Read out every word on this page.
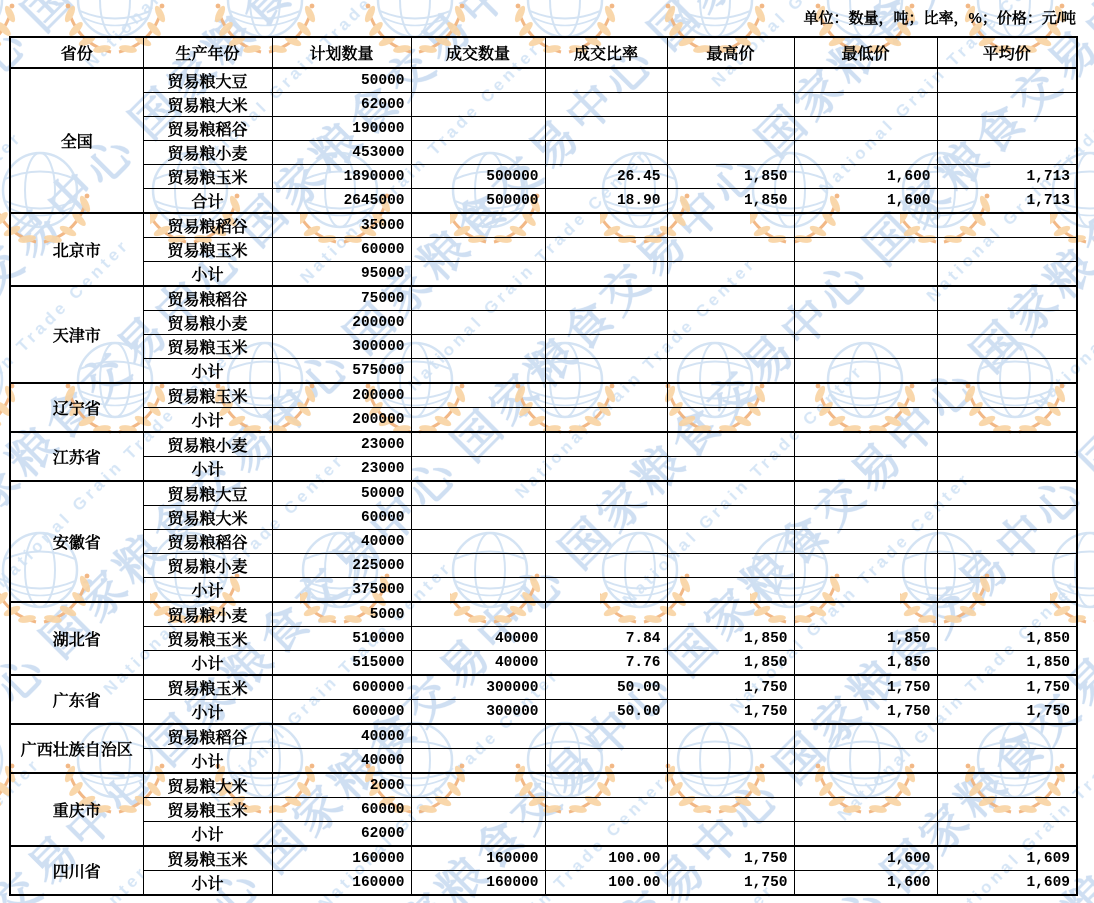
单位：数量，吨；比率，%；价格：元/吨
省份	生产年份	计划数量	成交数量	成交比率	最高价	最低价	平均价
全国	贸易粮大豆	50000					
	贸易粮大米	62000					
	贸易粮稻谷	190000					
	贸易粮小麦	453000					
	贸易粮玉米	1890000	500000	26.45	1,850	1,600	1,713
	合计	2645000	500000	18.90	1,850	1,600	1,713
北京市	贸易粮稻谷	35000					
	贸易粮玉米	60000					
	小计	95000					
天津市	贸易粮稻谷	75000					
	贸易粮小麦	200000					
	贸易粮玉米	300000					
	小计	575000					
辽宁省	贸易粮玉米	200000					
	小计	200000					
江苏省	贸易粮小麦	23000					
	小计	23000					
安徽省	贸易粮大豆	50000					
	贸易粮大米	60000					
	贸易粮稻谷	40000					
	贸易粮小麦	225000					
	小计	375000					
湖北省	贸易粮小麦	5000					
	贸易粮玉米	510000	40000	7.84	1,850	1,850	1,850
	小计	515000	40000	7.76	1,850	1,850	1,850
广东省	贸易粮玉米	600000	300000	50.00	1,750	1,750	1,750
	小计	600000	300000	50.00	1,750	1,750	1,750
广西壮族自治区	贸易粮稻谷	40000					
	小计	40000					
重庆市	贸易粮大米	2000					
	贸易粮玉米	60000					
	小计	62000					
四川省	贸易粮玉米	160000	160000	100.00	1,750	1,600	1,609
	小计	160000	160000	100.00	1,750	1,600	1,609
